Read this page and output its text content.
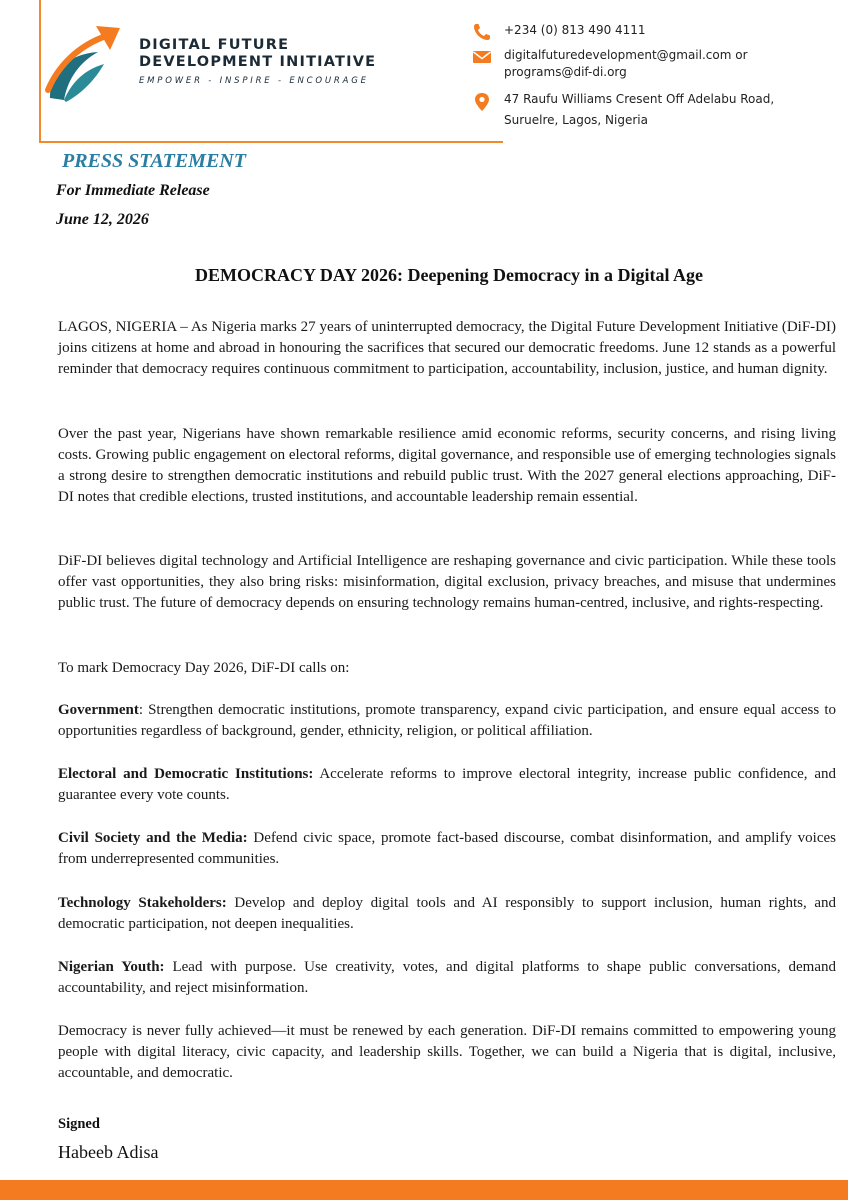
DIGITAL FUTURE
DEVELOPMENT INITIATIVE
EMPOWER - INSPIRE - ENCOURAGE
+234 (0) 813 490 4111
digitalfuturedevelopment@gmail.com or
programs@dif-di.org
47 Raufu Williams Cresent Off Adelabu Road,
Suruelre, Lagos, Nigeria
PRESS STATEMENT
For Immediate Release
June 12, 2026
DEMOCRACY DAY 2026: Deepening Democracy in a Digital Age

LAGOS, NIGERIA – As Nigeria marks 27 years of uninterrupted democracy, the Digital Future Development Initiative (DiF-DI) joins citizens at home and abroad in honouring the sacrifices that secured our democratic freedoms. June 12 stands as a powerful reminder that democracy requires continuous commitment to participation, accountability, inclusion, justice, and human dignity.

Over the past year, Nigerians have shown remarkable resilience amid economic reforms, security concerns, and rising living costs. Growing public engagement on electoral reforms, digital governance, and responsible use of emerging technologies signals a strong desire to strengthen democratic institutions and rebuild public trust. With the 2027 general elections approaching, DiF-DI notes that credible elections, trusted institutions, and accountable leadership remain essential.

DiF-DI believes digital technology and Artificial Intelligence are reshaping governance and civic participation. While these tools offer vast opportunities, they also bring risks: misinformation, digital exclusion, privacy breaches, and misuse that undermines public trust. The future of democracy depends on ensuring technology remains human-centred, inclusive, and rights-respecting.

To mark Democracy Day 2026, DiF-DI calls on:

Government: Strengthen democratic institutions, promote transparency, expand civic participation, and ensure equal access to opportunities regardless of background, gender, ethnicity, religion, or political affiliation.

Electoral and Democratic Institutions: Accelerate reforms to improve electoral integrity, increase public confidence, and guarantee every vote counts.

Civil Society and the Media: Defend civic space, promote fact-based discourse, combat disinformation, and amplify voices from underrepresented communities.

Technology Stakeholders: Develop and deploy digital tools and AI responsibly to support inclusion, human rights, and democratic participation, not deepen inequalities.

Nigerian Youth: Lead with purpose. Use creativity, votes, and digital platforms to shape public conversations, demand accountability, and reject misinformation.

Democracy is never fully achieved—it must be renewed by each generation. DiF-DI remains committed to empowering young people with digital literacy, civic capacity, and leadership skills. Together, we can build a Nigeria that is digital, inclusive, accountable, and democratic.

Signed
Habeeb Adisa
